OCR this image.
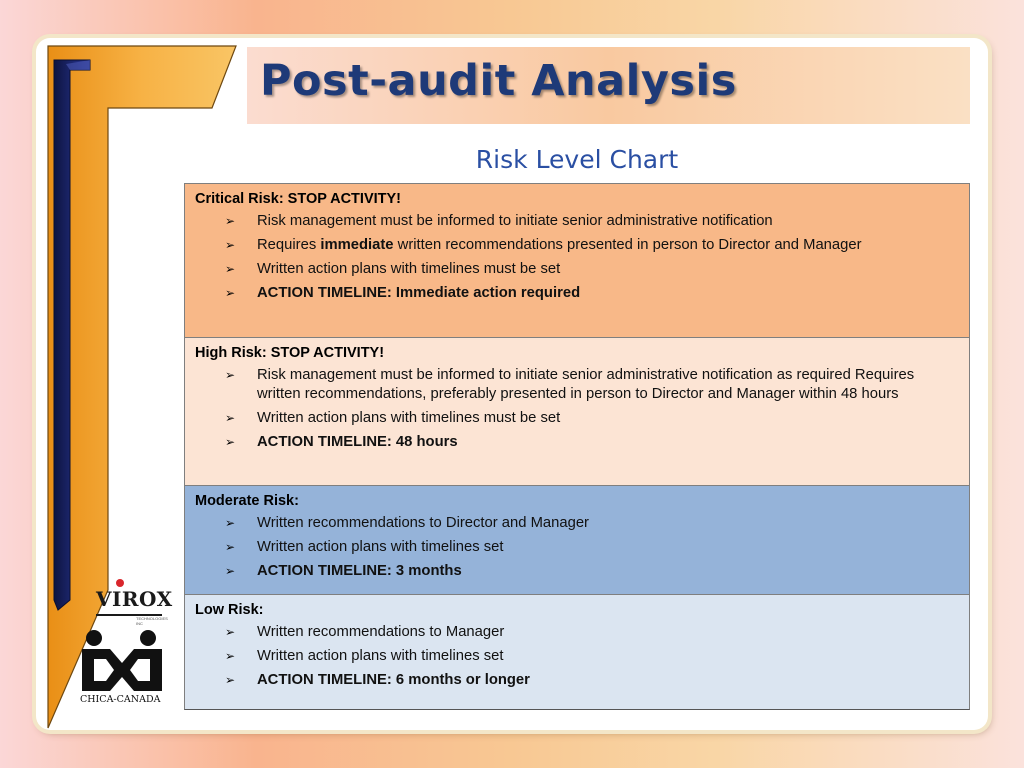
Post-audit Analysis
Risk Level Chart
Critical Risk: STOP ACTIVITY!
➢	Risk management must be informed to initiate senior administrative notification
➢	Requires immediate written recommendations presented in person to Director and Manager
➢	Written action plans with timelines must be set
➢	ACTION TIMELINE: Immediate action required
High Risk: STOP ACTIVITY!
➢	Risk management must be informed to initiate senior administrative notification as required Requires written recommendations, preferably presented in person to Director and Manager within 48 hours
➢	Written action plans with timelines must be set
➢	ACTION TIMELINE: 48 hours
Moderate Risk:
➢	Written recommendations to Director and Manager
➢	Written action plans with timelines set
➢	ACTION TIMELINE: 3 months
Low Risk:
➢	Written recommendations to Manager
➢	Written action plans with timelines set
➢	ACTION TIMELINE: 6 months or longer
VIROX
TECHNOLOGIES INC
CHICA-CANADA
